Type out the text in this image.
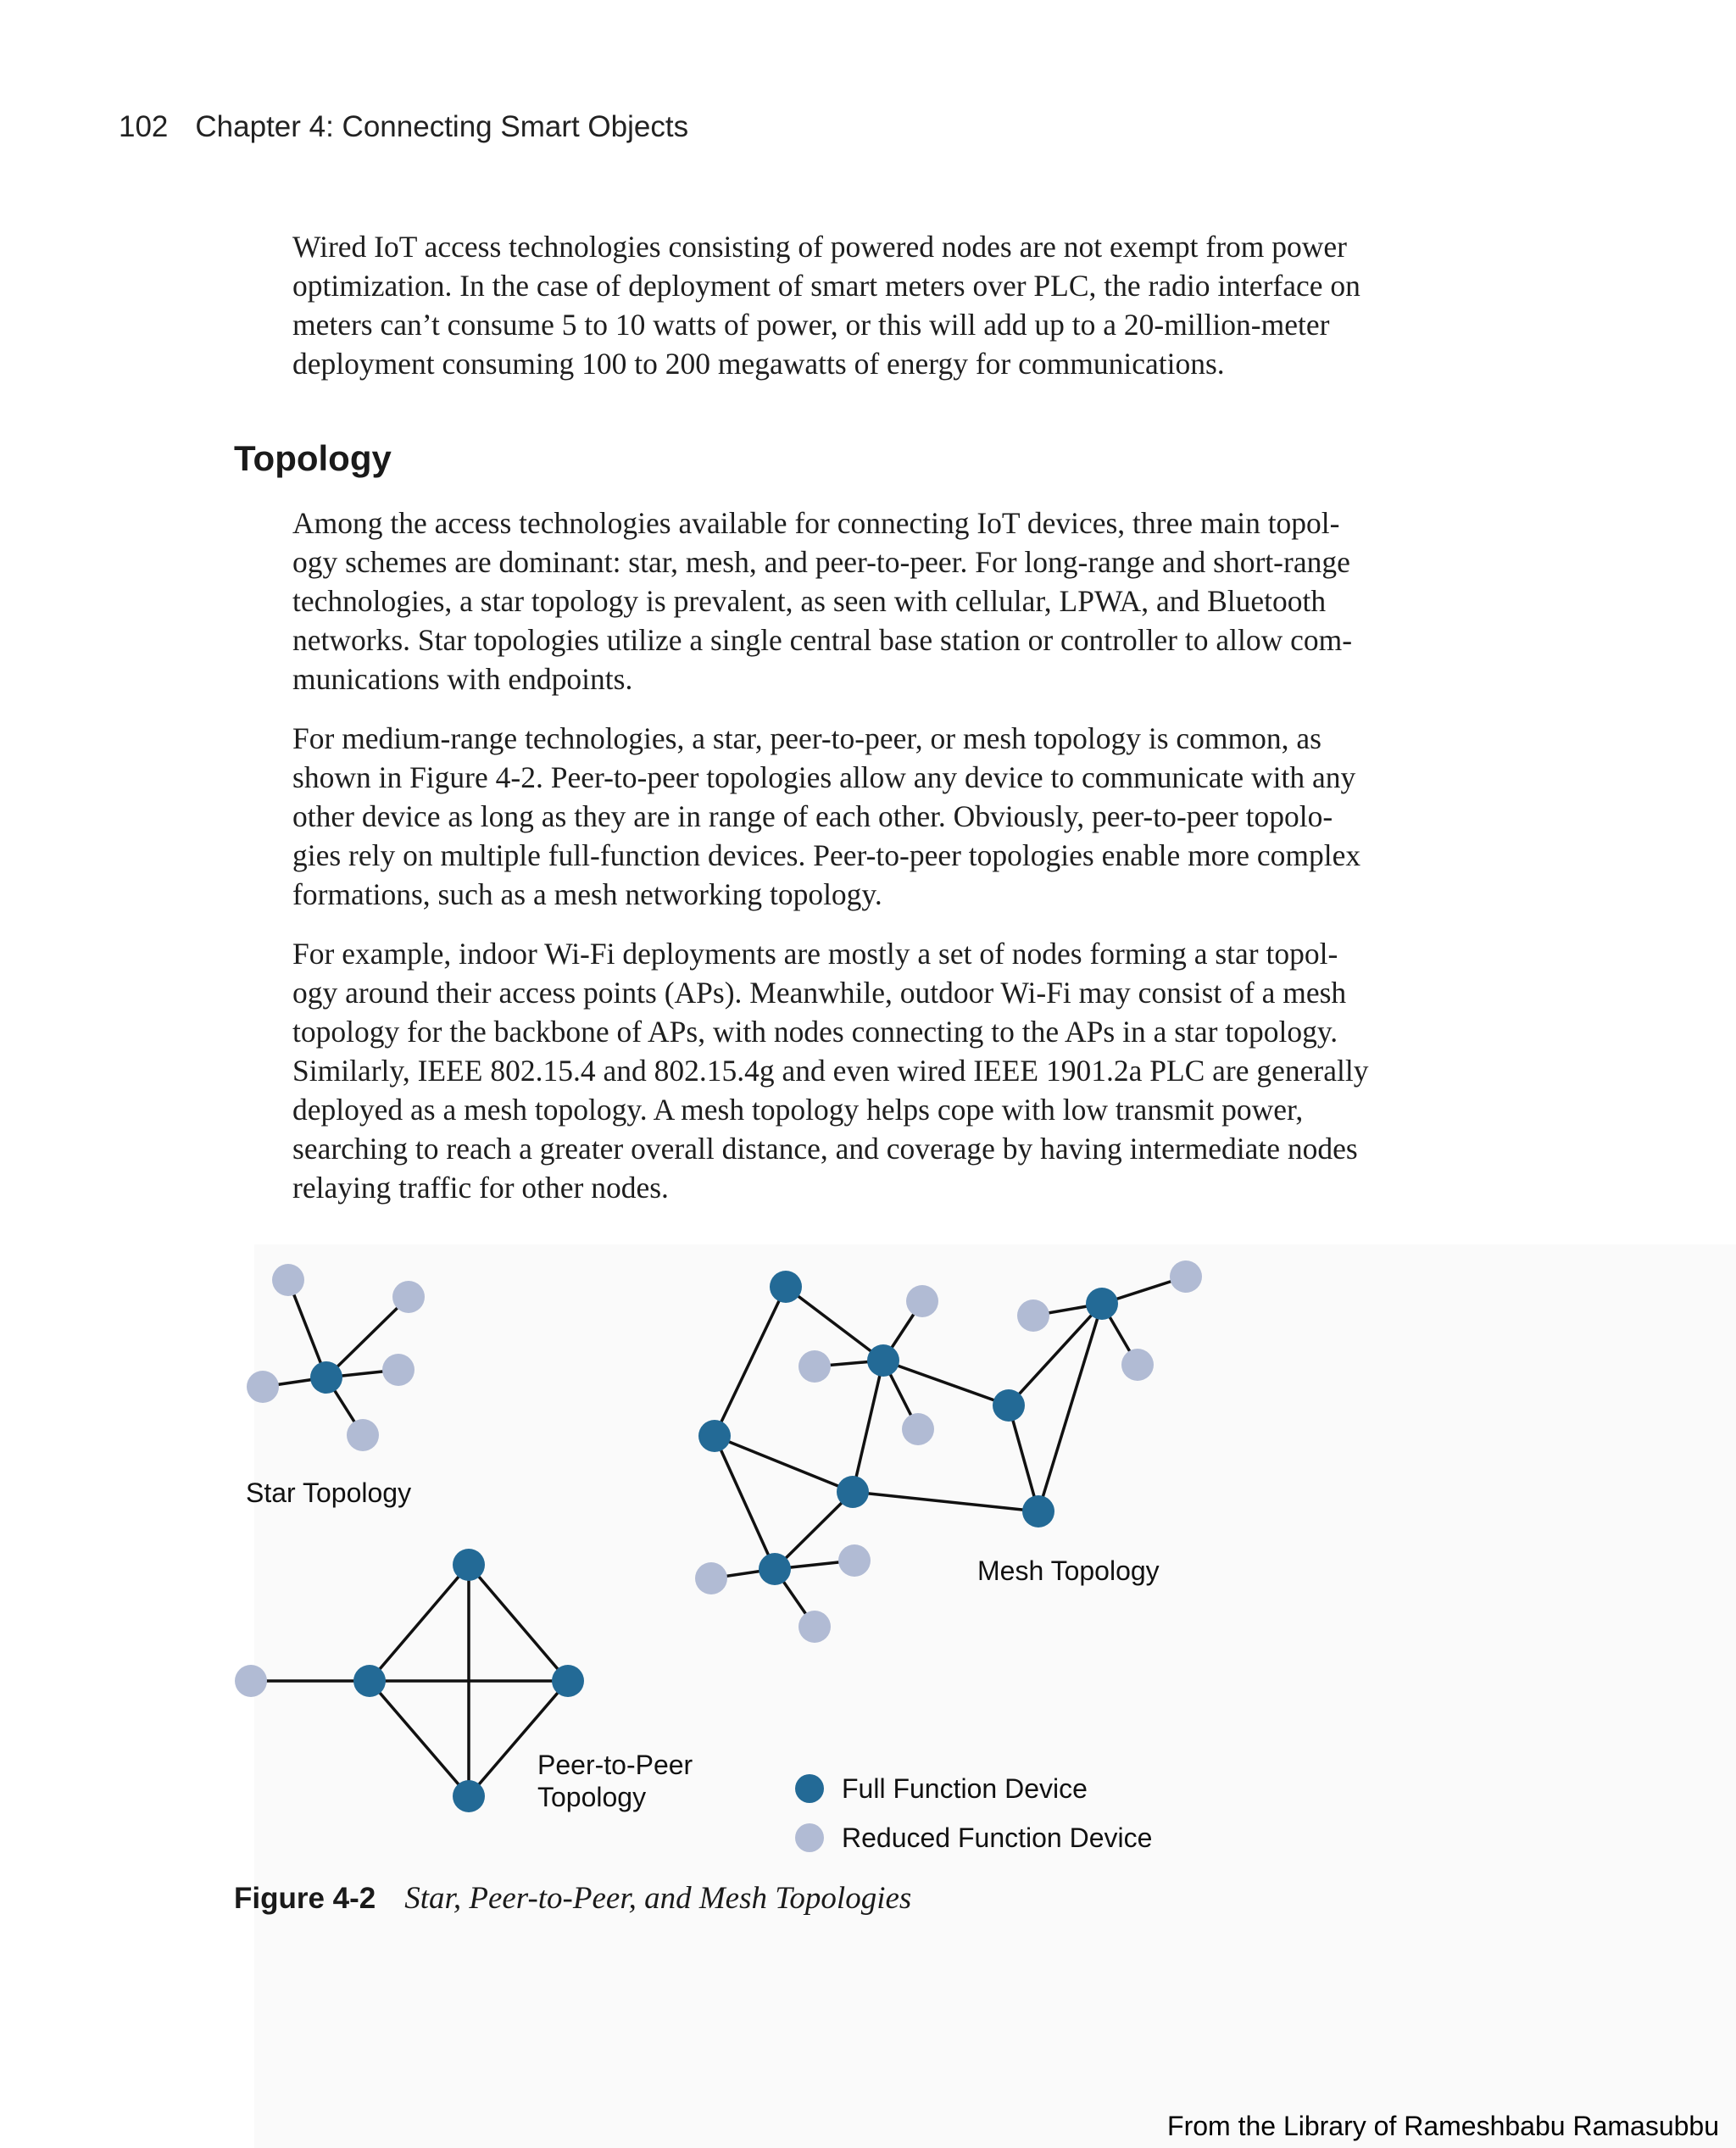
102 Chapter 4: Connecting Smart Objects
Wired IoT access technologies consisting of powered nodes are not exempt from power
optimization. In the case of deployment of smart meters over PLC, the radio interface on
meters can’t consume 5 to 10 watts of power, or this will add up to a 20-million-meter
deployment consuming 100 to 200 megawatts of energy for communications.
Topology
Among the access technologies available for connecting IoT devices, three main topol-
ogy schemes are dominant: star, mesh, and peer-to-peer. For long-range and short-range
technologies, a star topology is prevalent, as seen with cellular, LPWA, and Bluetooth
networks. Star topologies utilize a single central base station or controller to allow com-
munications with endpoints.
For medium-range technologies, a star, peer-to-peer, or mesh topology is common, as
shown in Figure 4-2. Peer-to-peer topologies allow any device to communicate with any
other device as long as they are in range of each other. Obviously, peer-to-peer topolo-
gies rely on multiple full-function devices. Peer-to-peer topologies enable more complex
formations, such as a mesh networking topology.
For example, indoor Wi-Fi deployments are mostly a set of nodes forming a star topol-
ogy around their access points (APs). Meanwhile, outdoor Wi-Fi may consist of a mesh
topology for the backbone of APs, with nodes connecting to the APs in a star topology.
Similarly, IEEE 802.15.4 and 802.15.4g and even wired IEEE 1901.2a PLC are generally
deployed as a mesh topology. A mesh topology helps cope with low transmit power,
searching to reach a greater overall distance, and coverage by having intermediate nodes
relaying traffic for other nodes.
Star Topology
Peer-to-Peer
Topology
Mesh Topology
Full Function Device
Reduced Function Device
Figure 4-2 Star, Peer-to-Peer, and Mesh Topologies
From the Library of Rameshbabu Ramasubbu
